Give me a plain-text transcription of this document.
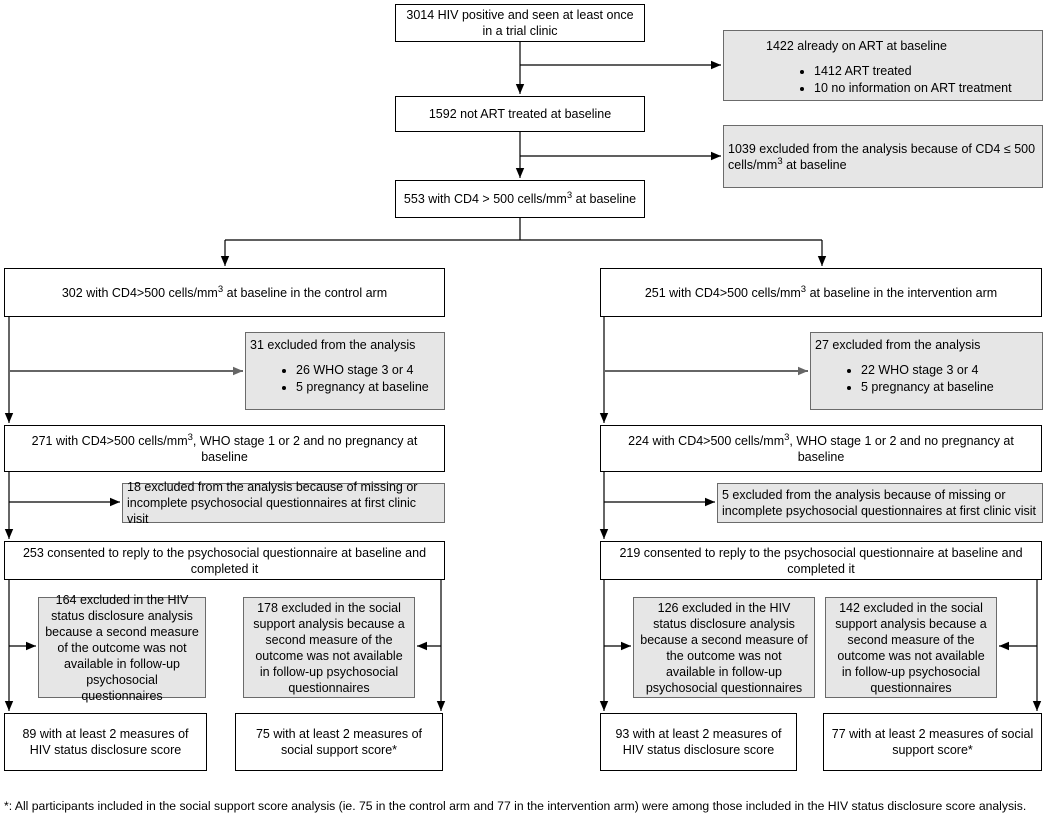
3014 HIV positive and seen at least once in a trial clinic
1422 already on ART at baseline
• 1412 ART treated
• 10 no information on ART treatment
1592 not ART treated at baseline
1039 excluded from the analysis because of CD4 ≤ 500 cells/$mm^3$ at baseline
553 with CD4 > 500 cells/$mm^3$ at baseline
302 with CD4>500 cells/$mm^3$ at baseline in the control arm	251 with CD4>500 cells/$mm^3$ at baseline in the intervention arm
31 excluded from the analysis
• 26 WHO stage 3 or 4
• 5 pregnancy at baseline
27 excluded from the analysis
• 22 WHO stage 3 or 4
• 5 pregnancy at baseline
271 with CD4>500 cells/$mm^3$, WHO stage 1 or 2 and no pregnancy at baseline
224 with CD4>500 cells/$mm^3$, WHO stage 1 or 2 and no pregnancy at baseline
18 excluded from the analysis because of missing or incomplete psychosocial questionnaires at first clinic visit
5 excluded from the analysis because of missing or incomplete psychosocial questionnaires at first clinic visit
253 consented to reply to the psychosocial questionnaire at baseline and completed it
219 consented to reply to the psychosocial questionnaire at baseline and completed it
164 excluded in the HIV status disclosure analysis because a second measure of the outcome was not available in follow-up psychosocial questionnaires
178 excluded in the social support analysis because a second measure of the outcome was not available in follow-up psychosocial questionnaires
126 excluded in the HIV status disclosure analysis because a second measure of the outcome was not available in follow-up psychosocial questionnaires
142 excluded in the social support analysis because a second measure of the outcome was not available in follow-up psychosocial questionnaires
89 with at least 2 measures of HIV status disclosure score
75 with at least 2 measures of social support score*
93 with at least 2 measures of HIV status disclosure score
77 with at least 2 measures of social support score*
*: All participants included in the social support score analysis (ie. 75 in the control arm and 77 in the intervention arm) were among those included in the HIV status disclosure score analysis.
